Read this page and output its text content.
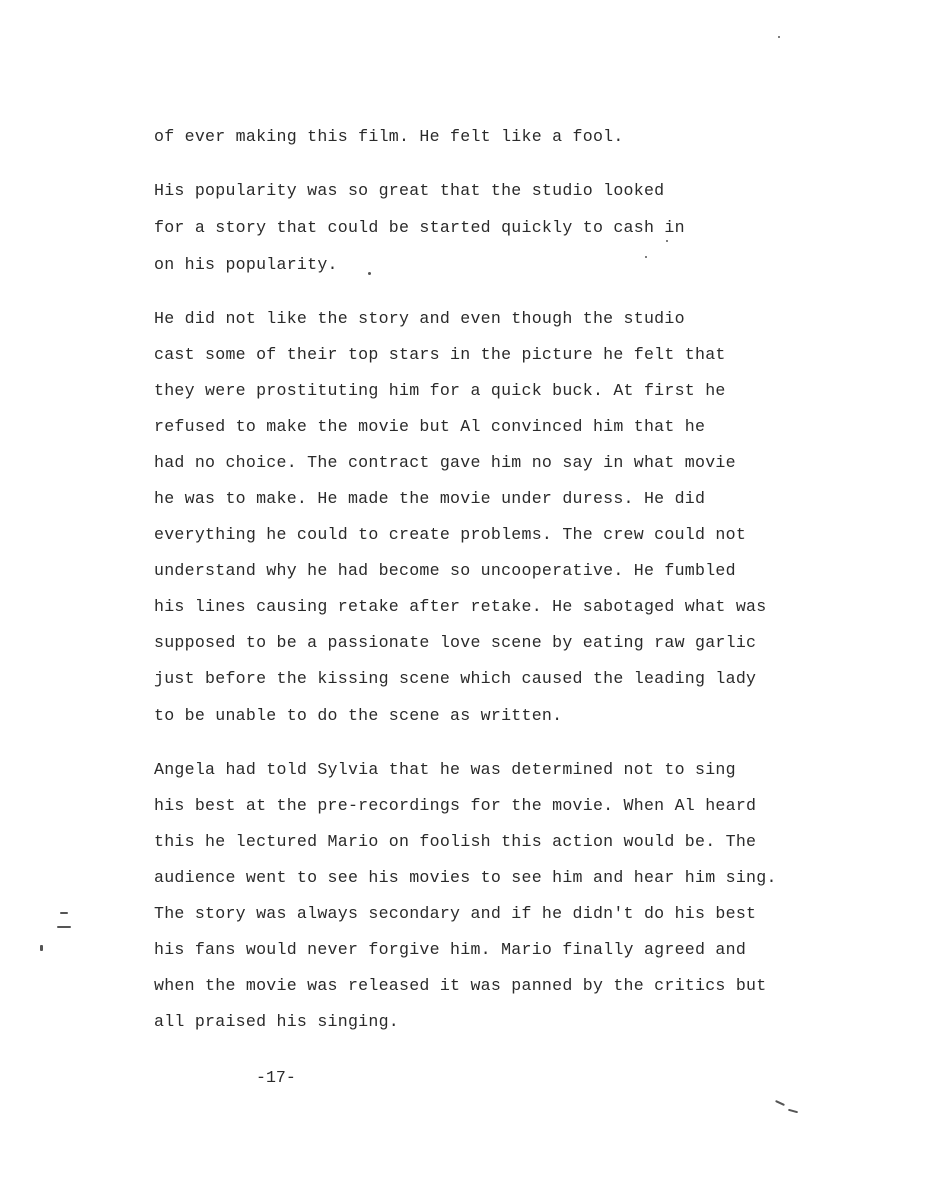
of ever making this film. He felt like a fool.
His popularity was so great that the studio looked
for a story that could be started quickly to cash in
on his popularity.
He did not like the story and even though the studio
cast some of their top stars in the picture he felt that
they were prostituting him for a quick buck. At first he
refused to make the movie but Al convinced him that he
had no choice. The contract gave him no say in what movie
he was to make. He made the movie under duress. He did
everything he could to create problems. The crew could not
understand why he had become so uncooperative. He fumbled
his lines causing retake after retake. He sabotaged what was
supposed to be a passionate love scene by eating raw garlic
just before the kissing scene which caused the leading lady
to be unable to do the scene as written.
Angela had told Sylvia that he was determined not to sing
his best at the pre-recordings for the movie. When Al heard
this he lectured Mario on foolish this action would be. The
audience went to see his movies to see him and hear him sing.
The story was always secondary and if he didn't do his best
his fans would never forgive him. Mario finally agreed and
when the movie was released it was panned by the critics but
all praised his singing.
-17-
